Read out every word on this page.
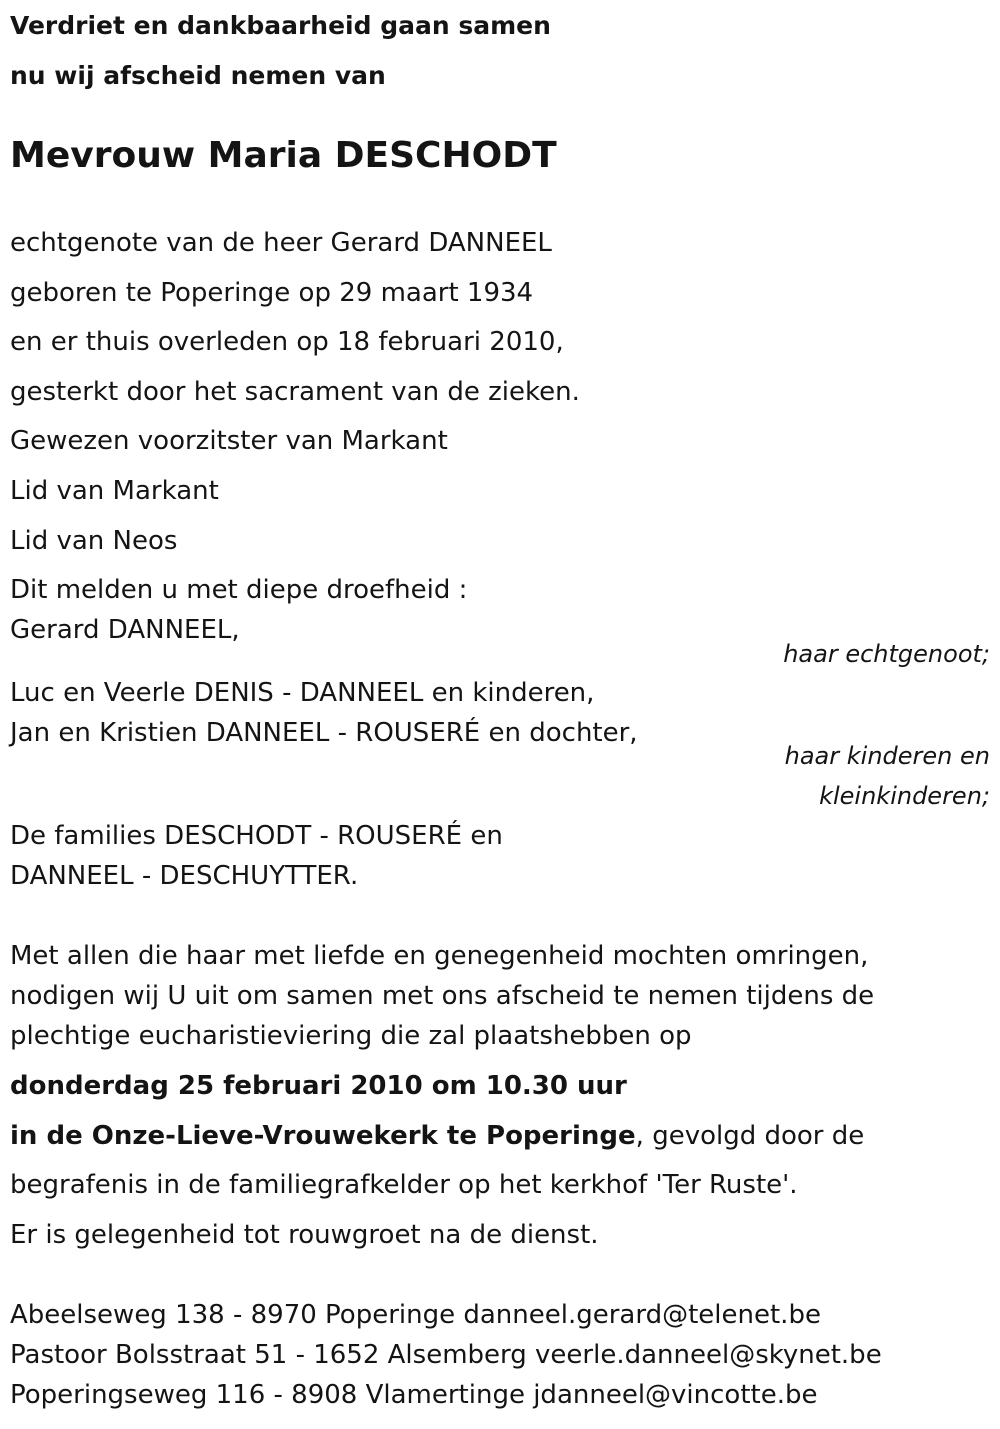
Verdriet en dankbaarheid gaan samen
nu wij afscheid nemen van
Mevrouw Maria DESCHODT
echtgenote van de heer Gerard DANNEEL
geboren te Poperinge op 29 maart 1934
en er thuis overleden op 18 februari 2010,
gesterkt door het sacrament van de zieken.
Gewezen voorzitster van Markant
Lid van Markant
Lid van Neos
Dit melden u met diepe droefheid :
Gerard DANNEEL,
haar echtgenoot;
Luc en Veerle DENIS - DANNEEL en kinderen,
Jan en Kristien DANNEEL - ROUSERÉ en dochter,
haar kinderen en
kleinkinderen;
De families DESCHODT - ROUSERÉ en
DANNEEL - DESCHUYTTER.
Met allen die haar met liefde en genegenheid mochten omringen,
nodigen wij U uit om samen met ons afscheid te nemen tijdens de
plechtige eucharistieviering die zal plaatshebben op
donderdag 25 februari 2010 om 10.30 uur
in de Onze-Lieve-Vrouwekerk te Poperinge, gevolgd door de
begrafenis in de familiegrafkelder op het kerkhof 'Ter Ruste'.
Er is gelegenheid tot rouwgroet na de dienst.
Abeelseweg 138 - 8970 Poperinge danneel.gerard@telenet.be
Pastoor Bolsstraat 51 - 1652 Alsemberg veerle.danneel@skynet.be
Poperingseweg 116 - 8908 Vlamertinge jdanneel@vincotte.be
